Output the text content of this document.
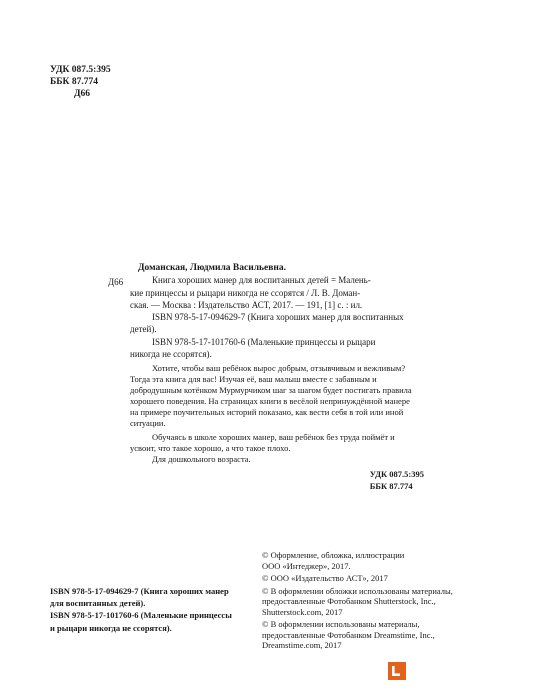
УДК 087.5:395
ББК 87.774
Д66
Д66
Доманская, Людмила Васильевна.

Книга хороших манер для воспитанных детей = Малень-

кие принцессы и рыцари никогда не ссорятся / Л. В. Доман-

ская. — Москва : Издательство АСТ, 2017. — 191, [1] с. : ил.

ISBN 978-5-17-094629-7 (Книга хороших манер для воспитанных

детей).

ISBN 978-5-17-101760-6 (Маленькие принцессы и рыцари

никогда не ссорятся).

Хотите, чтобы ваш ребёнок вырос добрым, отзывчивым и вежливым?

Тогда эта книга для вас! Изучая её, ваш малыш вместе с забавным и

добродушным котёнком Мурмурчиком шаг за шагом будет постигать правила

хорошего поведения. На страницах книги в весёлой непринуждённой манере

на примере поучительных историй показано, как вести себя в той или иной

ситуации.

Обучаясь в школе хороших манер, ваш ребёнок без труда поймёт и

усвоит, что такое хорошо, а что такое плохо.

Для дошкольного возраста.

УДК 087.5:395
ББК 87.774
© Оформление, обложка, иллюстрации
ООО «Интеджер», 2017.
© ООО «Издательство АСТ», 2017
© В оформлении обложки использованы материалы,
предоставленные Фотобанком Shutterstock, Inc.,
Shutterstock.com, 2017
© В оформлении использованы материалы,
предоставленные Фотобанком Dreamstime, Inc.,
Dreamstime.com, 2017
ISBN 978-5-17-094629-7 (Книга хороших манер
для воспитанных детей).
ISBN 978-5-17-101760-6 (Маленькие принцессы
и рыцари никогда не ссорятся).
